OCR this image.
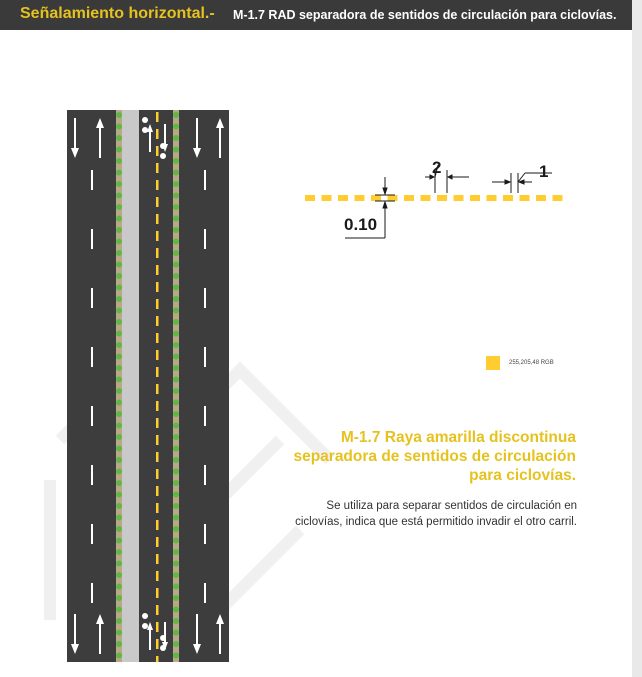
Señalamiento horizontal.- M-1.7 RAD separadora de sentidos de circulación para ciclovías.
2	1
0.10
255,205,48 RGB
M-1.7 Raya amarilla discontinua separadora de sentidos de circulación para ciclovías.
Se utiliza para separar sentidos de circulación en ciclovías, indica que está permitido invadir el otro carril.
